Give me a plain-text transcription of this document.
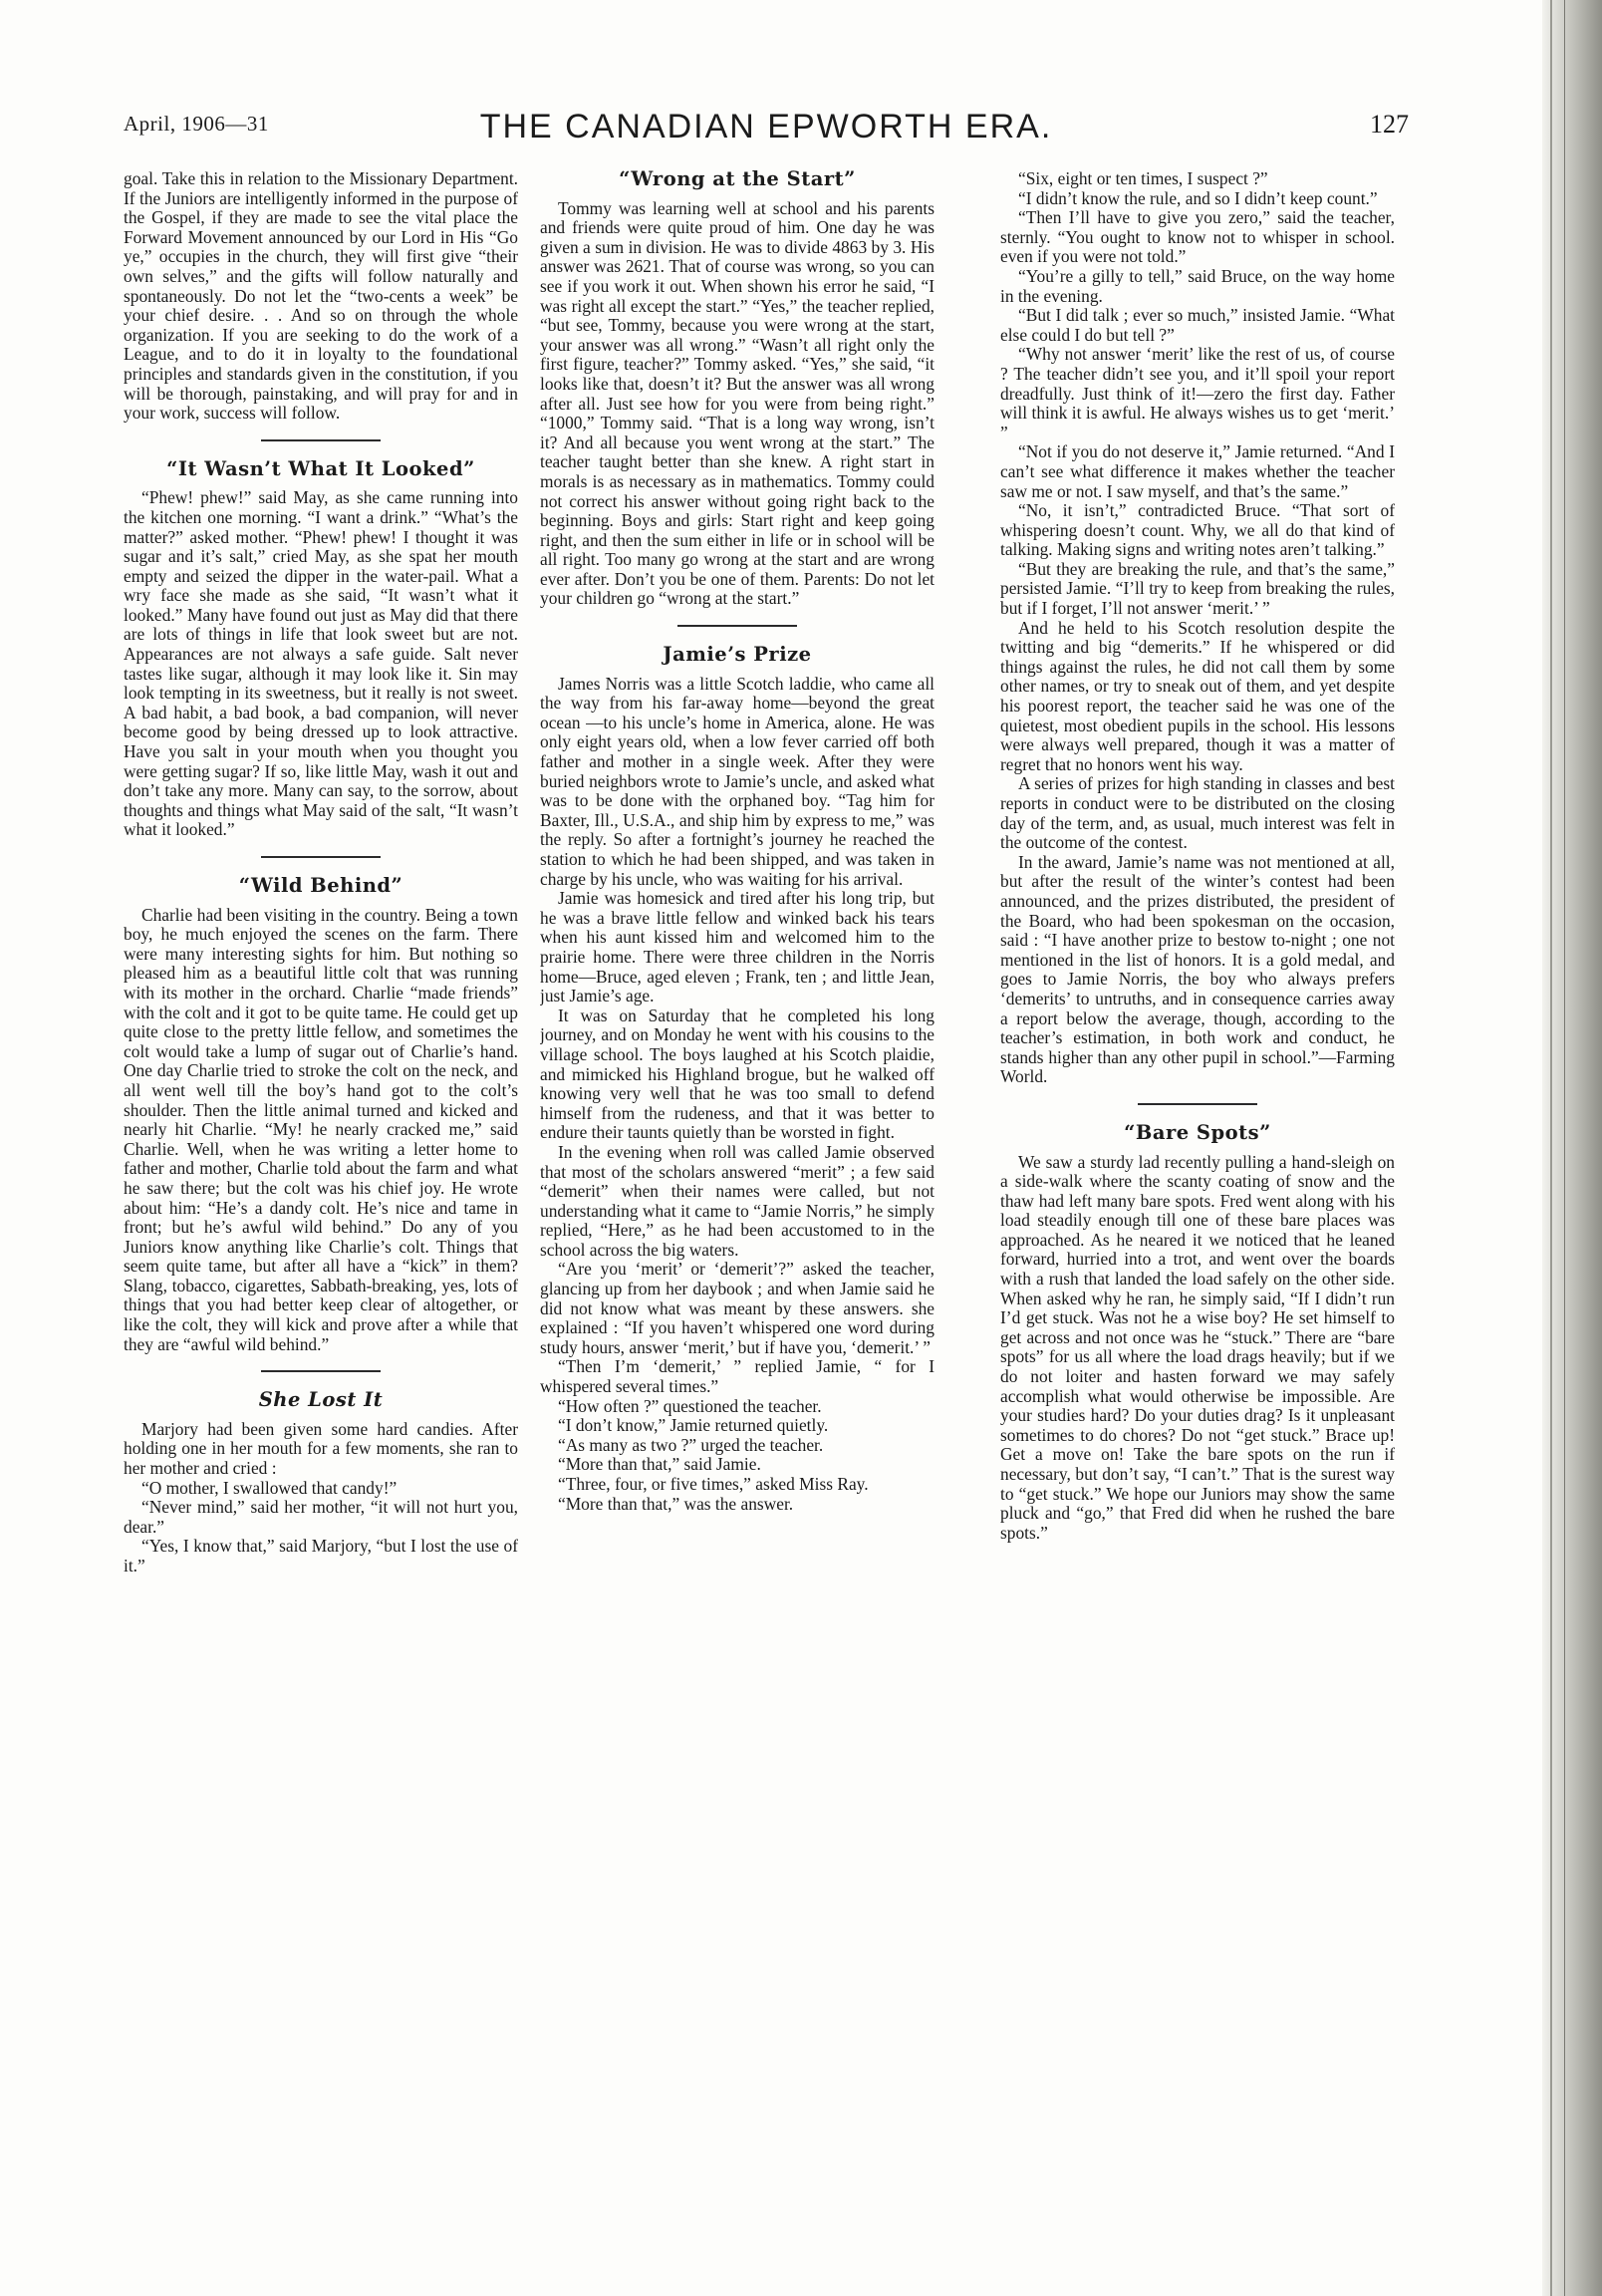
April, 1906—31	THE CANADIAN EPWORTH ERA.	127

goal. Take this in relation to the Missionary Department. If the Juniors are intelligently informed in the purpose of the Gospel, if they are made to see the vital place the Forward Movement announced by our Lord in His “Go ye,” occupies in the church, they will first give “their own selves,” and the gifts will follow naturally and spontaneously. Do not let the “two-cents a week” be your chief desire. . . And so on through the whole organization. If you are seeking to do the work of a League, and to do it in loyalty to the foundational principles and standards given in the constitution, if you will be thorough, painstaking, and will pray for and in your work, success will follow.

“It Wasn’t What It Looked”

“Phew! phew!” said May, as she came running into the kitchen one morning. “I want a drink.” “What’s the matter?” asked mother. “Phew! phew! I thought it was sugar and it’s salt,” cried May, as she spat her mouth empty and seized the dipper in the water-pail. What a wry face she made as she said, “It wasn’t what it looked.” Many have found out just as May did that there are lots of things in life that look sweet but are not. Appearances are not always a safe guide. Salt never tastes like sugar, although it may look like it. Sin may look tempting in its sweetness, but it really is not sweet. A bad habit, a bad book, a bad companion, will never become good by being dressed up to look attractive. Have you salt in your mouth when you thought you were getting sugar? If so, like little May, wash it out and don’t take any more. Many can say, to the sorrow, about thoughts and things what May said of the salt, “It wasn’t what it looked.”

“Wild Behind”

Charlie had been visiting in the country. Being a town boy, he much enjoyed the scenes on the farm. There were many interesting sights for him. But nothing so pleased him as a beautiful little colt that was running with its mother in the orchard. Charlie “made friends” with the colt and it got to be quite tame. He could get up quite close to the pretty little fellow, and sometimes the colt would take a lump of sugar out of Charlie’s hand. One day Charlie tried to stroke the colt on the neck, and all went well till the boy’s hand got to the colt’s shoulder. Then the little animal turned and kicked and nearly hit Charlie. “My! he nearly cracked me,” said Charlie. Well, when he was writing a letter home to father and mother, Charlie told about the farm and what he saw there; but the colt was his chief joy. He wrote about him: “He’s a dandy colt. He’s nice and tame in front; but he’s awful wild behind.” Do any of you Juniors know anything like Charlie’s colt. Things that seem quite tame, but after all have a “kick” in them? Slang, tobacco, cigarettes, Sabbath-breaking, yes, lots of things that you had better keep clear of altogether, or like the colt, they will kick and prove after a while that they are “awful wild behind.”

She Lost It

Marjory had been given some hard candies. After holding one in her mouth for a few moments, she ran to her mother and cried :

“O mother, I swallowed that candy!”

“Never mind,” said her mother, “it will not hurt you, dear.”

“Yes, I know that,” said Marjory, “but I lost the use of it.”

“Wrong at the Start”

Tommy was learning well at school and his parents and friends were quite proud of him. One day he was given a sum in division. He was to divide 4863 by 3. His answer was 2621. That of course was wrong, so you can see if you work it out. When shown his error he said, “I was right all except the start.” “Yes,” the teacher replied, “but see, Tommy, because you were wrong at the start, your answer was all wrong.” “Wasn’t all right only the first figure, teacher?” Tommy asked. “Yes,” she said, “it looks like that, doesn’t it? But the answer was all wrong after all. Just see how for you were from being right.” “1000,” Tommy said. “That is a long way wrong, isn’t it? And all because you went wrong at the start.” The teacher taught better than she knew. A right start in morals is as necessary as in mathematics. Tommy could not correct his answer without going right back to the beginning. Boys and girls: Start right and keep going right, and then the sum either in life or in school will be all right. Too many go wrong at the start and are wrong ever after. Don’t you be one of them. Parents: Do not let your children go “wrong at the start.”

Jamie’s Prize

James Norris was a little Scotch laddie, who came all the way from his far-away home—beyond the great ocean —to his uncle’s home in America, alone. He was only eight years old, when a low fever carried off both father and mother in a single week. After they were buried neighbors wrote to Jamie’s uncle, and asked what was to be done with the orphaned boy. “Tag him for Baxter, Ill., U.S.A., and ship him by express to me,” was the reply. So after a fortnight’s journey he reached the station to which he had been shipped, and was taken in charge by his uncle, who was waiting for his arrival.

Jamie was homesick and tired after his long trip, but he was a brave little fellow and winked back his tears when his aunt kissed him and welcomed him to the prairie home. There were three children in the Norris home—Bruce, aged eleven ; Frank, ten ; and little Jean, just Jamie’s age.

It was on Saturday that he completed his long journey, and on Monday he went with his cousins to the village school. The boys laughed at his Scotch plaidie, and mimicked his Highland brogue, but he walked off knowing very well that he was too small to defend himself from the rudeness, and that it was better to endure their taunts quietly than be worsted in fight.

In the evening when roll was called Jamie observed that most of the scholars answered “merit” ; a few said “demerit” when their names were called, but not understanding what it came to “Jamie Norris,” he simply replied, “Here,” as he had been accustomed to in the school across the big waters.

“Are you ‘merit’ or ‘demerit’?” asked the teacher, glancing up from her daybook ; and when Jamie said he did not know what was meant by these answers. she explained : “If you haven’t whispered one word during study hours, answer ‘merit,’ but if have you, ‘demerit.’ ”

“Then I’m ‘demerit,’ ” replied Jamie, “ for I whispered several times.”

“How often ?” questioned the teacher.

“I don’t know,” Jamie returned quietly.

“As many as two ?” urged the teacher.

“More than that,” said Jamie.

“Three, four, or five times,” asked Miss Ray.

“More than that,” was the answer.

“Six, eight or ten times, I suspect ?”

“I didn’t know the rule, and so I didn’t keep count.”

“Then I’ll have to give you zero,” said the teacher, sternly. “You ought to know not to whisper in school. even if you were not told.”

“You’re a gilly to tell,” said Bruce, on the way home in the evening.

“But I did talk ; ever so much,” insisted Jamie. “What else could I do but tell ?”

“Why not answer ‘merit’ like the rest of us, of course ? The teacher didn’t see you, and it’ll spoil your report dreadfully. Just think of it!—zero the first day. Father will think it is awful. He always wishes us to get ‘merit.’ ”

“Not if you do not deserve it,” Jamie returned. “And I can’t see what difference it makes whether the teacher saw me or not. I saw myself, and that’s the same.”

“No, it isn’t,” contradicted Bruce. “That sort of whispering doesn’t count. Why, we all do that kind of talking. Making signs and writing notes aren’t talking.”

“But they are breaking the rule, and that’s the same,” persisted Jamie. “I’ll try to keep from breaking the rules, but if I forget, I’ll not answer ‘merit.’ ”

And he held to his Scotch resolution despite the twitting and big “demerits.” If he whispered or did things against the rules, he did not call them by some other names, or try to sneak out of them, and yet despite his poorest report, the teacher said he was one of the quietest, most obedient pupils in the school. His lessons were always well prepared, though it was a matter of regret that no honors went his way.

A series of prizes for high standing in classes and best reports in conduct were to be distributed on the closing day of the term, and, as usual, much interest was felt in the outcome of the contest.

In the award, Jamie’s name was not mentioned at all, but after the result of the winter’s contest had been announced, and the prizes distributed, the president of the Board, who had been spokesman on the occasion, said : “I have another prize to bestow to-night ; one not mentioned in the list of honors. It is a gold medal, and goes to Jamie Norris, the boy who always prefers ‘demerits’ to untruths, and in consequence carries away a report below the average, though, according to the teacher’s estimation, in both work and conduct, he stands higher than any other pupil in school.”—Farming World.

“Bare Spots”

We saw a sturdy lad recently pulling a hand-sleigh on a side-walk where the scanty coating of snow and the thaw had left many bare spots. Fred went along with his load steadily enough till one of these bare places was approached. As he neared it we noticed that he leaned forward, hurried into a trot, and went over the boards with a rush that landed the load safely on the other side. When asked why he ran, he simply said, “If I didn’t run I’d get stuck. Was not he a wise boy? He set himself to get across and not once was he “stuck.” There are “bare spots” for us all where the load drags heavily; but if we do not loiter and hasten forward we may safely accomplish what would otherwise be impossible. Are your studies hard? Do your duties drag? Is it unpleasant sometimes to do chores? Do not “get stuck.” Brace up! Get a move on! Take the bare spots on the run if necessary, but don’t say, “I can’t.” That is the surest way to “get stuck.” We hope our Juniors may show the same pluck and “go,” that Fred did when he rushed the bare spots.”
